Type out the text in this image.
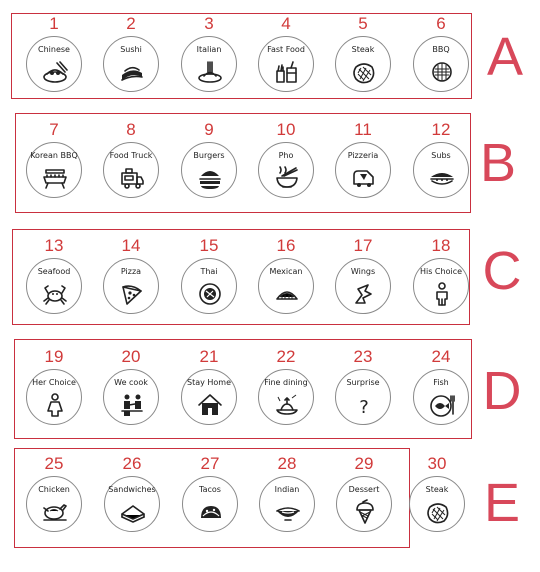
A
1
Chinese
2
Sushi
3
Italian
4
Fast Food
5
Steak
6
BBQ
B
7
Korean BBQ
8
Food Truck
9
Burgers
10
Pho
11
Pizzeria
12
Subs
C
13
Seafood
14
Pizza
15
Thai
16
Mexican
17
Wings
18
His Choice
D
19
Her Choice
20
We cook
21
Stay Home
22
Fine dining
23
Surprise
?
24
Fish
E
25
Chicken
26
Sandwiches
27
Tacos
28
Indian
29
Dessert
30
Steak
